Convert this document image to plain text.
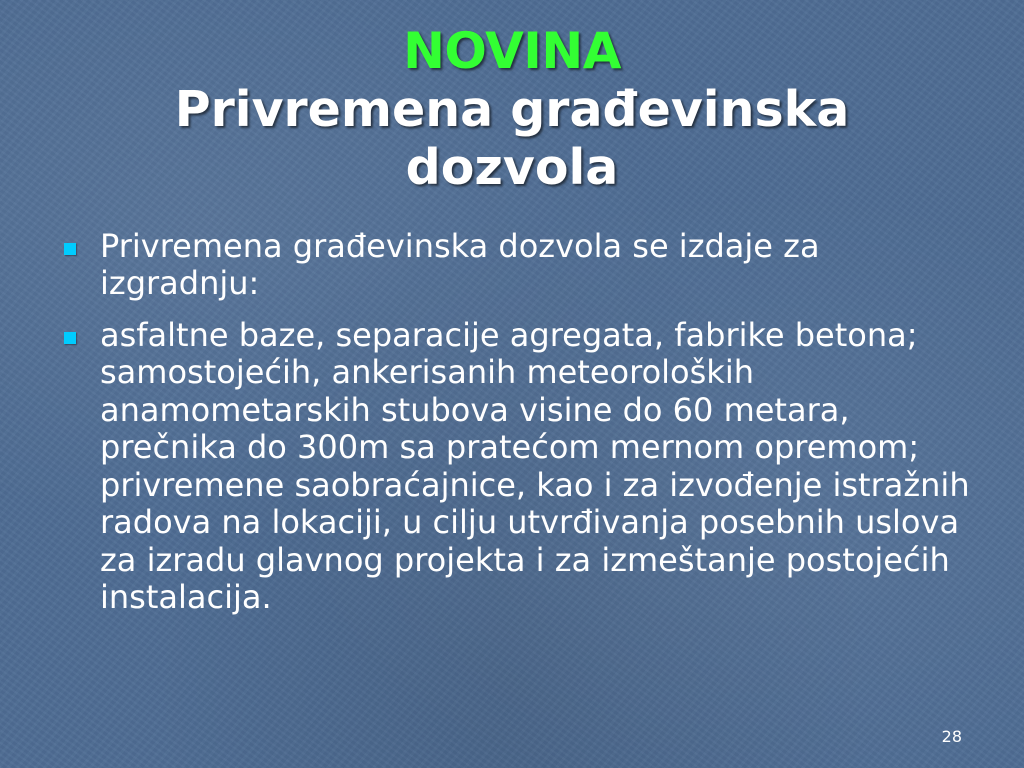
NOVINA
Privremena građevinska dozvola
Privremena građevinska dozvola se izdaje za izgradnju:
asfaltne baze, separacije agregata, fabrike betona; samostojećih, ankerisanih meteoroloških anamometarskih stubova visine do 60 metara, prečnika do 300m sa pratećom mernom opremom; privremene saobraćajnice, kao i za izvođenje istražnih radova na lokaciji, u cilju utvrđivanja posebnih uslova za izradu glavnog projekta i za izmeštanje postojećih instalacija.
28
